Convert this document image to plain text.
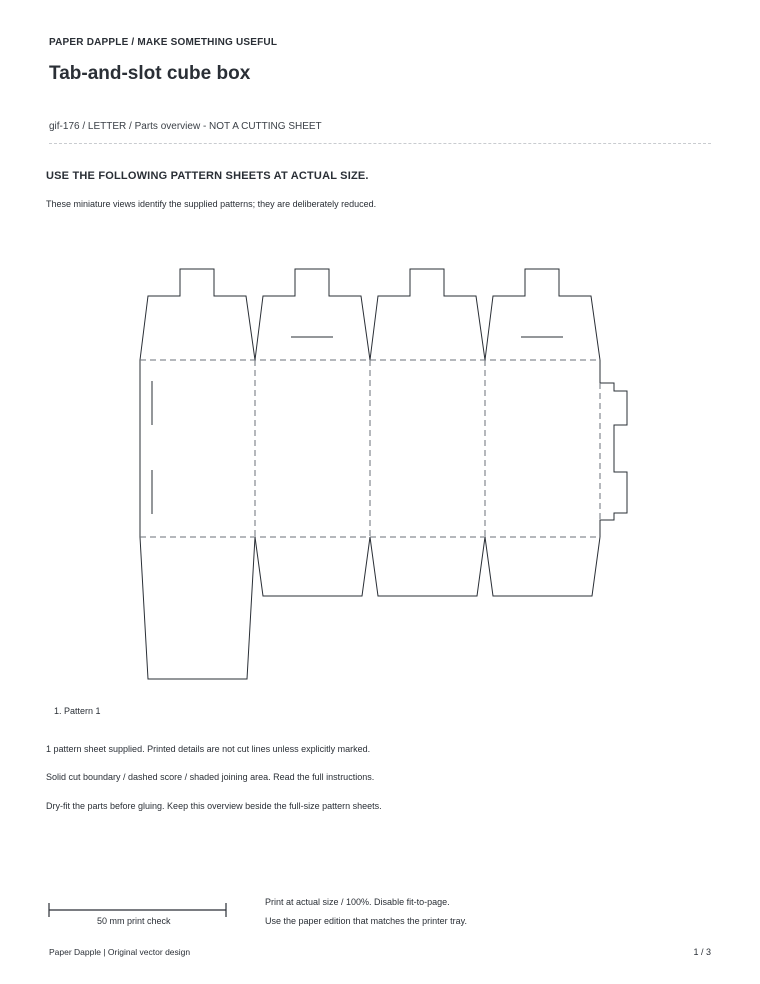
PAPER DAPPLE / MAKE SOMETHING USEFUL
Tab-and-slot cube box
gif-176 / LETTER / Parts overview - NOT A CUTTING SHEET
USE THE FOLLOWING PATTERN SHEETS AT ACTUAL SIZE.
These miniature views identify the supplied patterns; they are deliberately reduced.
1. Pattern 1
1 pattern sheet supplied. Printed details are not cut lines unless explicitly marked.
Solid cut boundary / dashed score / shaded joining area. Read the full instructions.
Dry-fit the parts before gluing. Keep this overview beside the full-size pattern sheets.
50 mm print check
Print at actual size / 100%. Disable fit-to-page.
Use the paper edition that matches the printer tray.
Paper Dapple | Original vector design	1 / 3
